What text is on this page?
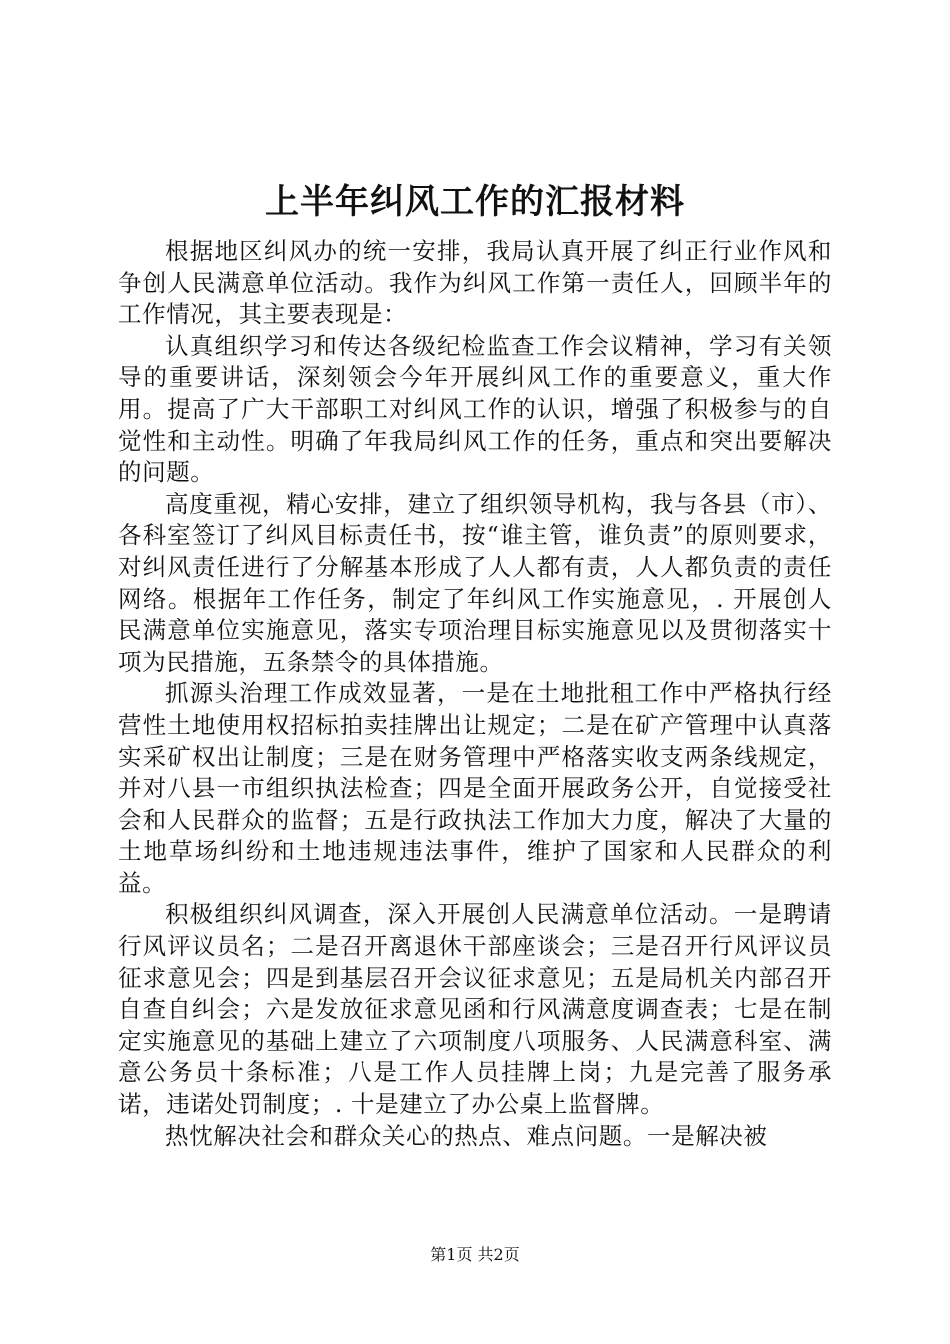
上半年纠风工作的汇报材料

根据地区纠风办的统一安排，我局认真开展了纠正行业作风和争创人民满意单位活动。我作为纠风工作第一责任人，回顾半年的工作情况，其主要表现是：

认真组织学习和传达各级纪检监查工作会议精神，学习有关领导的重要讲话，深刻领会今年开展纠风工作的重要意义，重大作用。提高了广大干部职工对纠风工作的认识，增强了积极参与的自觉性和主动性。明确了年我局纠风工作的任务，重点和突出要解决的问题。

高度重视，精心安排，建立了组织领导机构，我与各县（市）、各科室签订了纠风目标责任书，按“谁主管，谁负责”的原则要求，对纠风责任进行了分解基本形成了人人都有责，人人都负责的责任网络。根据年工作任务，制定了年纠风工作实施意见，. 开展创人民满意单位实施意见，落实专项治理目标实施意见以及贯彻落实十项为民措施，五条禁令的具体措施。

抓源头治理工作成效显著，一是在土地批租工作中严格执行经营性土地使用权招标拍卖挂牌出让规定；二是在矿产管理中认真落实采矿权出让制度；三是在财务管理中严格落实收支两条线规定，并对八县一市组织执法检查；四是全面开展政务公开，自觉接受社会和人民群众的监督；五是行政执法工作加大力度，解决了大量的土地草场纠纷和土地违规违法事件，维护了国家和人民群众的利益。

积极组织纠风调查，深入开展创人民满意单位活动。一是聘请行风评议员名；二是召开离退休干部座谈会；三是召开行风评议员征求意见会；四是到基层召开会议征求意见；五是局机关内部召开自查自纠会；六是发放征求意见函和行风满意度调查表；七是在制定实施意见的基础上建立了六项制度八项服务、人民满意科室、满意公务员十条标准；八是工作人员挂牌上岗；九是完善了服务承诺，违诺处罚制度；. 十是建立了办公桌上监督牌。

热忱解决社会和群众关心的热点、难点问题。一是解决被

第1页 共2页
